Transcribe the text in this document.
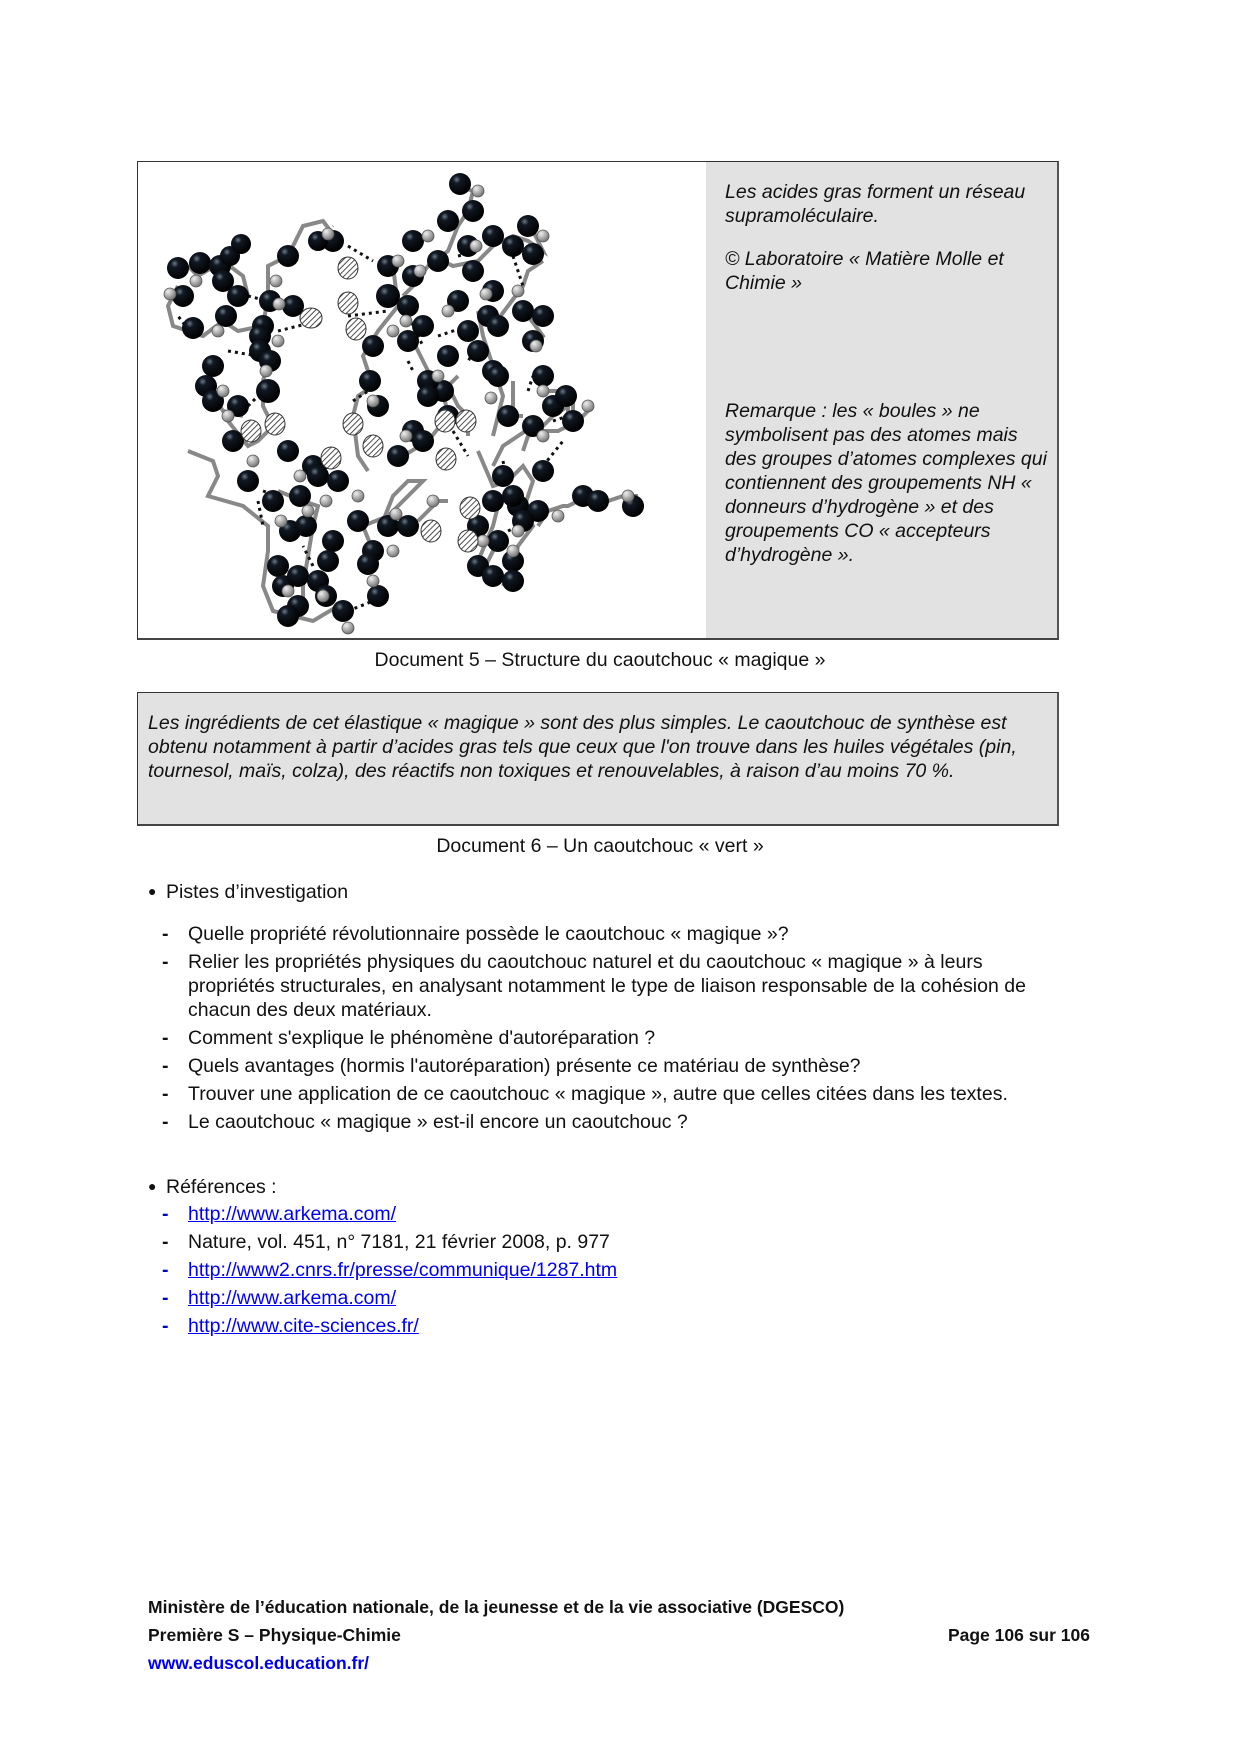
Les acides gras forment un réseau supramoléculaire.

© Laboratoire « Matière Molle et Chimie »

Remarque : les « boules » ne symbolisent pas des atomes mais des groupes d’atomes complexes qui contiennent des groupements NH « donneurs d’hydrogène » et des groupements CO « accepteurs d’hydrogène ».

Document 5 – Structure du caoutchouc « magique »
Les ingrédients de cet élastique « magique » sont des plus simples. Le caoutchouc de synthèse est obtenu notamment à partir d’acides gras tels que ceux que l'on trouve dans les huiles végétales (pin, tournesol, maïs, colza), des réactifs non toxiques et renouvelables, à raison d’au moins 70 %.
Document 6 – Un caoutchouc « vert »
● Pistes d’investigation
- Quelle propriété révolutionnaire possède le caoutchouc « magique »?
- Relier les propriétés physiques du caoutchouc naturel et du caoutchouc « magique » à leurs propriétés structurales, en analysant notamment le type de liaison responsable de la cohésion de chacun des deux matériaux.
- Comment s'explique le phénomène d'autoréparation ?
- Quels avantages (hormis l'autoréparation) présente ce matériau de synthèse?
- Trouver une application de ce caoutchouc « magique », autre que celles citées dans les textes.
- Le caoutchouc « magique » est-il encore un caoutchouc ?
● Références :
- http://www.arkema.com/
- Nature, vol. 451, n° 7181, 21 février 2008, p. 977
- http://www2.cnrs.fr/presse/communique/1287.htm
- http://www.arkema.com/
- http://www.cite-sciences.fr/
Ministère de l’éducation nationale, de la jeunesse et de la vie associative (DGESCO)
Première S – Physique-Chimie	Page 106 sur 106
www.eduscol.education.fr/
